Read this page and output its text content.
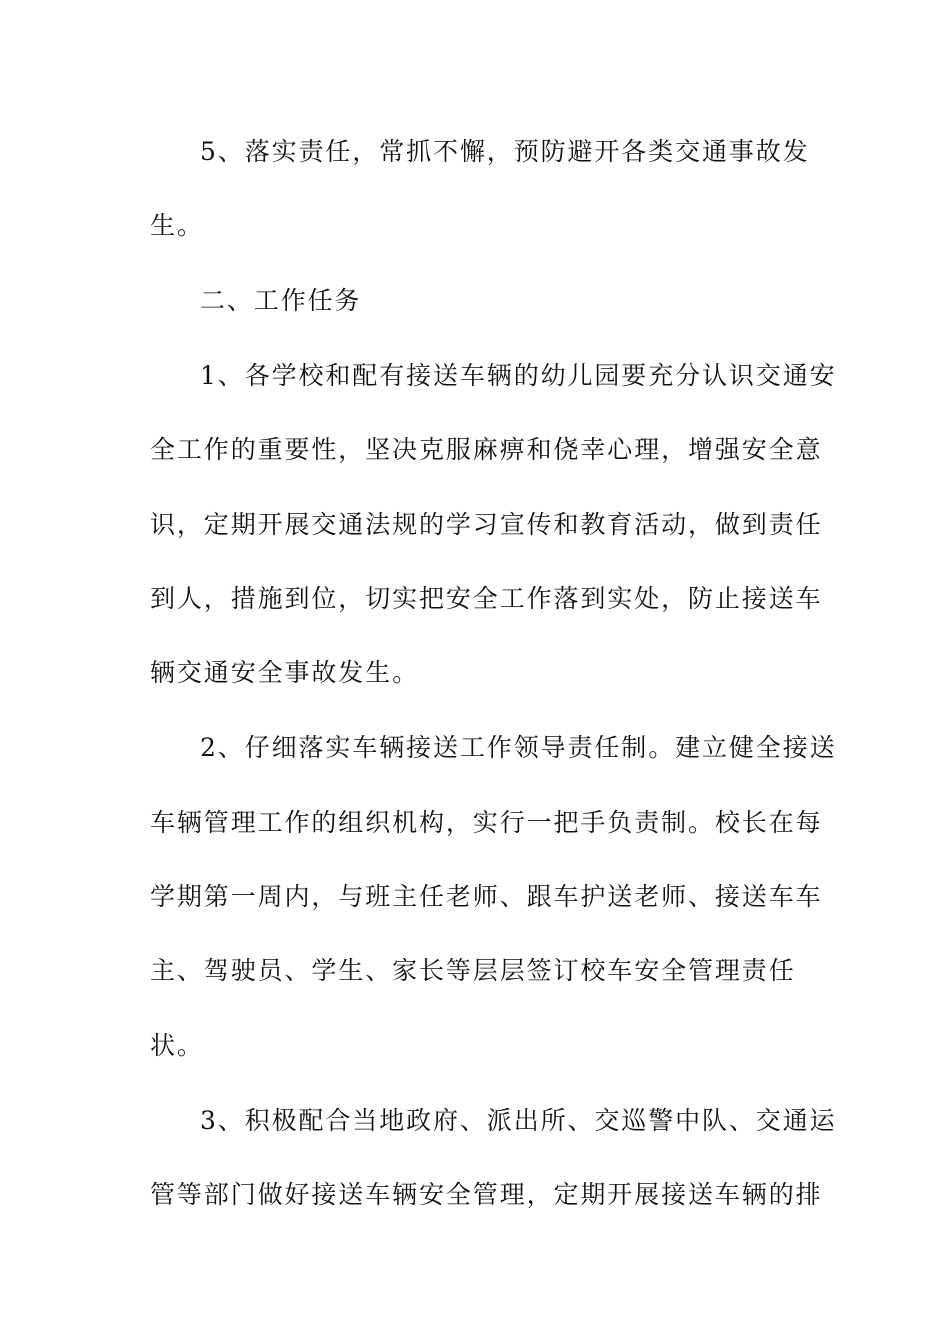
5、落实责任，常抓不懈，预防避开各类交通事故发
生。
二、工作任务
1、各学校和配有接送车辆的幼儿园要充分认识交通安
全工作的重要性，坚决克服麻痹和侥幸心理，增强安全意
识，定期开展交通法规的学习宣传和教育活动，做到责任
到人，措施到位，切实把安全工作落到实处，防止接送车
辆交通安全事故发生。
2、仔细落实车辆接送工作领导责任制。建立健全接送
车辆管理工作的组织机构，实行一把手负责制。校长在每
学期第一周内，与班主任老师、跟车护送老师、接送车车
主、驾驶员、学生、家长等层层签订校车安全管理责任
状。
3、积极配合当地政府、派出所、交巡警中队、交通运
管等部门做好接送车辆安全管理，定期开展接送车辆的排
